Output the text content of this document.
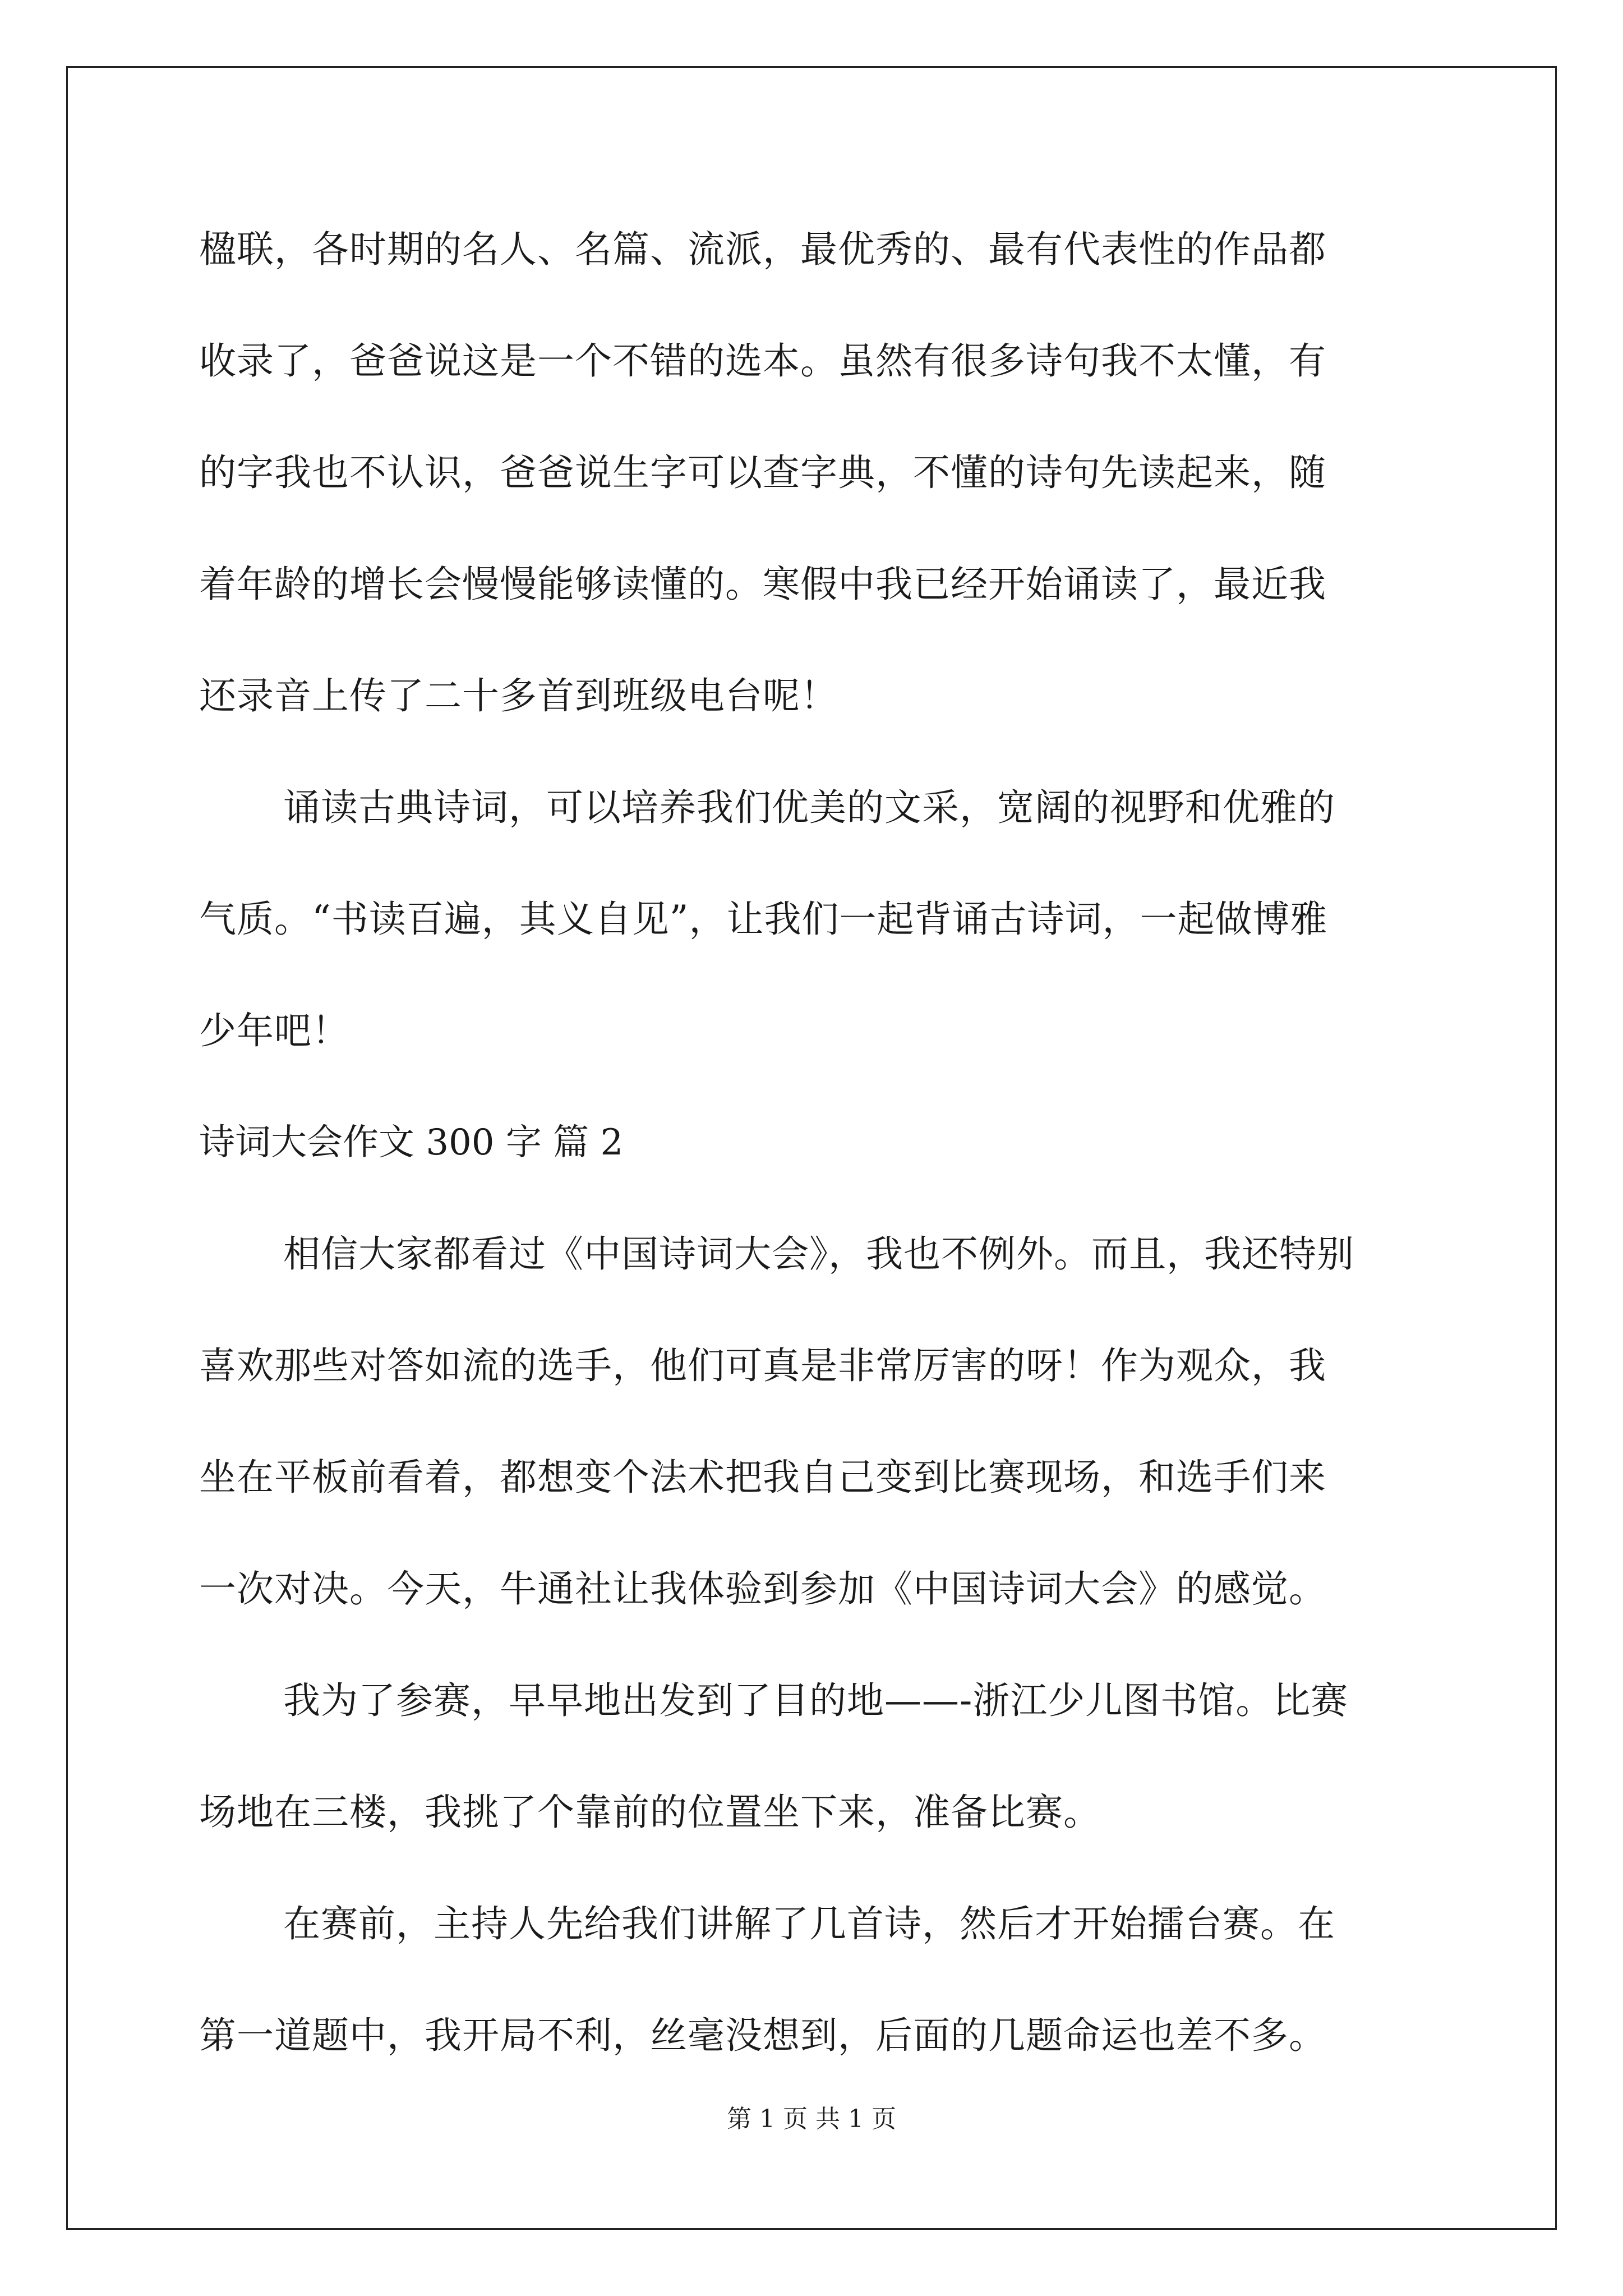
楹联，各时期的名人、名篇、流派，最优秀的、最有代表性的作品都
收录了，爸爸说这是一个不错的选本。虽然有很多诗句我不太懂，有
的字我也不认识，爸爸说生字可以查字典，不懂的诗句先读起来，随
着年龄的增长会慢慢能够读懂的。寒假中我已经开始诵读了，最近我
还录音上传了二十多首到班级电台呢！
诵读古典诗词，可以培养我们优美的文采，宽阔的视野和优雅的
气质。“书读百遍，其义自见”，让我们一起背诵古诗词，一起做博雅
少年吧！
诗词大会作文 300 字 篇 2
相信大家都看过《中国诗词大会》，我也不例外。而且，我还特别
喜欢那些对答如流的选手，他们可真是非常厉害的呀！作为观众，我
坐在平板前看着，都想变个法术把我自己变到比赛现场，和选手们来
一次对决。今天，牛通社让我体验到参加《中国诗词大会》的感觉。
我为了参赛，早早地出发到了目的地——-浙江少儿图书馆。比赛
场地在三楼，我挑了个靠前的位置坐下来，准备比赛。
在赛前，主持人先给我们讲解了几首诗，然后才开始擂台赛。在
第一道题中，我开局不利，丝毫没想到，后面的几题命运也差不多。
第 1 页 共 1 页
